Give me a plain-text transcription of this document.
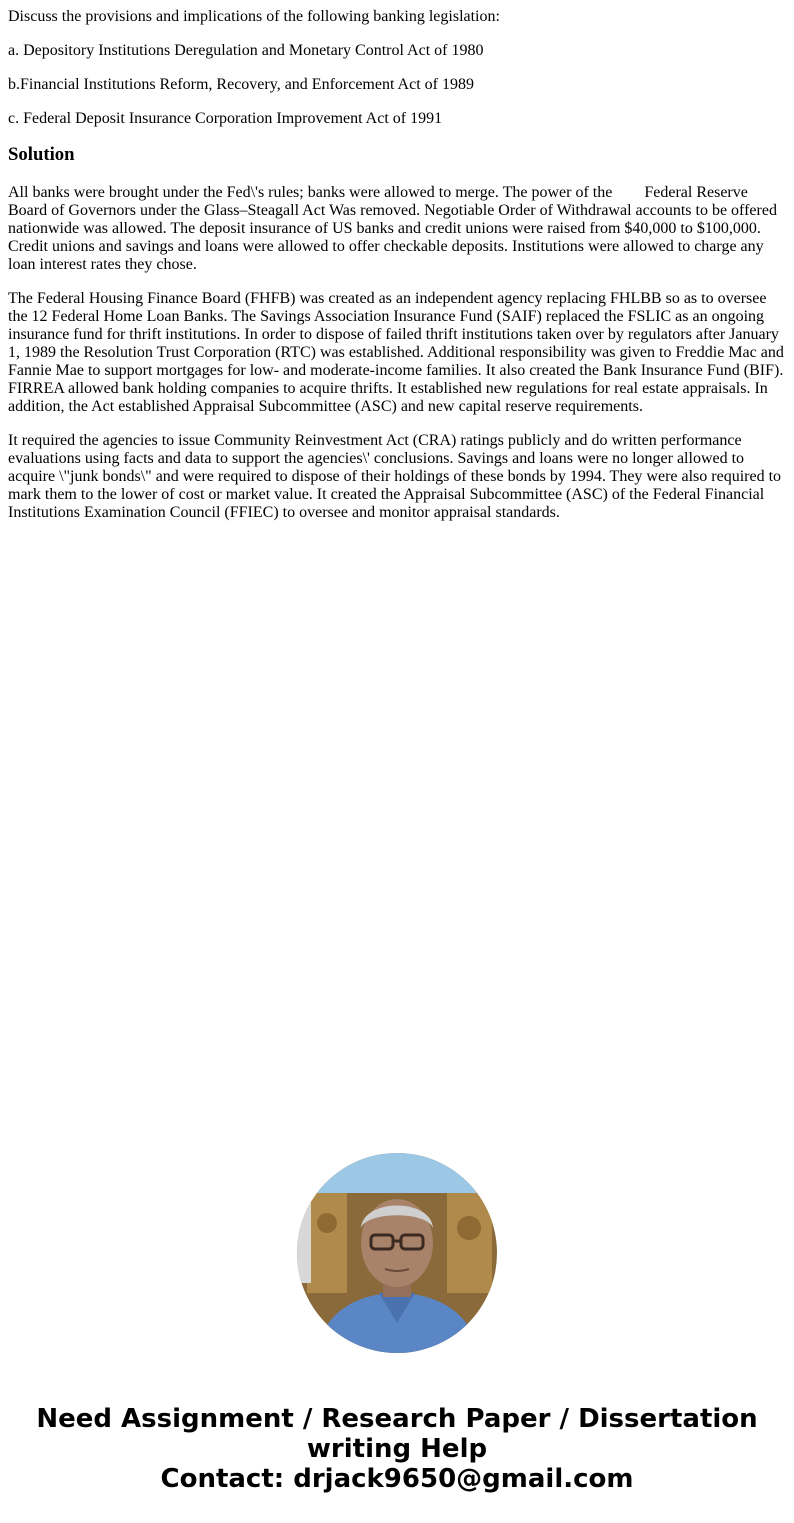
Discuss the provisions and implications of the following banking legislation:

a. Depository Institutions Deregulation and Monetary Control Act of 1980

b.Financial Institutions Reform, Recovery, and Enforcement Act of 1989

c. Federal Deposit Insurance Corporation Improvement Act of 1991

Solution

All banks were brought under the Fed\'s rules; banks were allowed to merge. The power of the        Federal Reserve Board of Governors under the Glass–Steagall Act Was removed. Negotiable Order of Withdrawal accounts to be offered nationwide was allowed. The deposit insurance of US banks and credit unions were raised from $40,000 to $100,000. Credit unions and savings and loans were allowed to offer checkable deposits. Institutions were allowed to charge any loan interest rates they chose.

The Federal Housing Finance Board (FHFB) was created as an independent agency replacing FHLBB so as to oversee the 12 Federal Home Loan Banks. The Savings Association Insurance Fund (SAIF) replaced the FSLIC as an ongoing insurance fund for thrift institutions. In order to dispose of failed thrift institutions taken over by regulators after January 1, 1989 the Resolution Trust Corporation (RTC) was established. Additional responsibility was given to Freddie Mac and Fannie Mae to support mortgages for low- and moderate-income families. It also created the Bank Insurance Fund (BIF). FIRREA allowed bank holding companies to acquire thrifts. It established new regulations for real estate appraisals. In addition, the Act established Appraisal Subcommittee (ASC) and new capital reserve requirements.

It required the agencies to issue Community Reinvestment Act (CRA) ratings publicly and do written performance evaluations using facts and data to support the agencies\' conclusions. Savings and loans were no longer allowed to acquire \"junk bonds\" and were required to dispose of their holdings of these bonds by 1994. They were also required to mark them to the lower of cost or market value. It created the Appraisal Subcommittee (ASC) of the Federal Financial Institutions Examination Council (FFIEC) to oversee and monitor appraisal standards.

Need Assignment / Research Paper / Dissertation
writing Help
Contact: drjack9650@gmail.com
